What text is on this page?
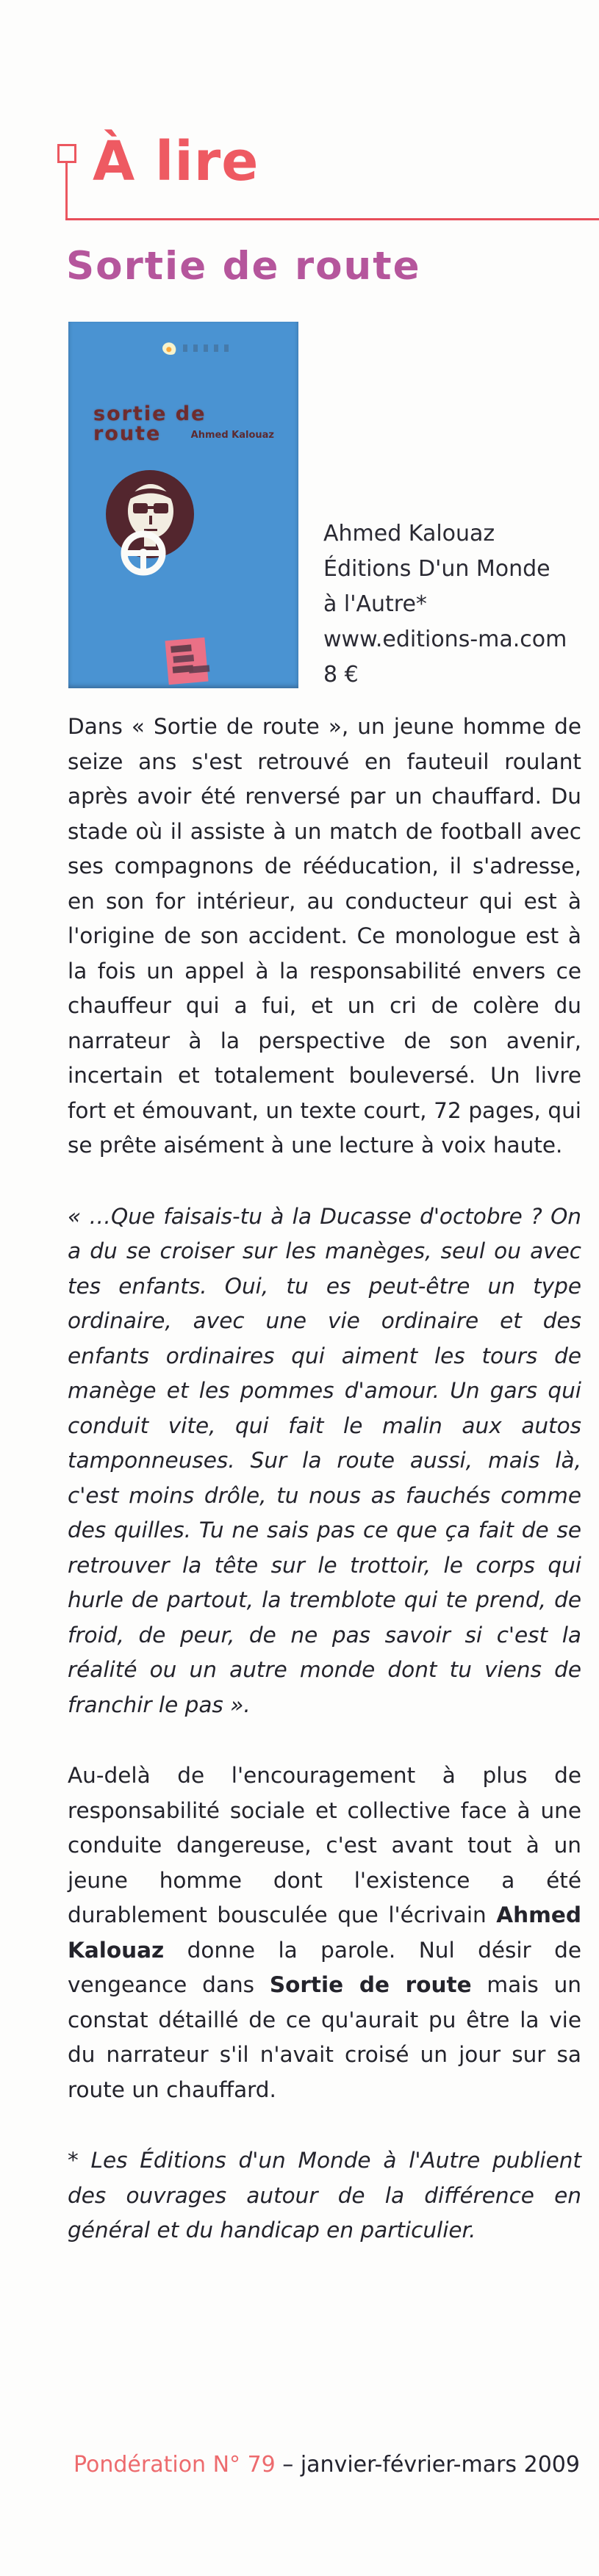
À lire
Sortie de route
sortie de route	Ahmed Kalouaz
Ahmed Kalouaz
Éditions D'un Monde
à l'Autre*
www.editions-ma.com
8 €

Dans « Sortie de route », un jeune homme de seize ans s'est retrouvé en fauteuil roulant après avoir été renversé par un chauffard. Du stade où il assiste à un match de football avec ses compagnons de rééducation, il s'adresse, en son for intérieur, au conducteur qui est à l'origine de son accident. Ce monologue est à la fois un appel à la responsabilité envers ce chauffeur qui a fui, et un cri de colère du narrateur à la perspective de son avenir, incertain et totalement bouleversé. Un livre fort et émouvant, un texte court, 72 pages, qui se prête aisément à une lecture à voix haute.

« …Que faisais-tu à la Ducasse d'octobre ? On a du se croiser sur les manèges, seul ou avec tes enfants. Oui, tu es peut-être un type ordinaire, avec une vie ordinaire et des enfants ordinaires qui aiment les tours de manège et les pommes d'amour. Un gars qui conduit vite, qui fait le malin aux autos tamponneuses. Sur la route aussi, mais là, c'est moins drôle, tu nous as fauchés comme des quilles. Tu ne sais pas ce que ça fait de se retrouver la tête sur le trottoir, le corps qui hurle de partout, la tremblote qui te prend, de froid, de peur, de ne pas savoir si c'est la réalité ou un autre monde dont tu viens de franchir le pas ».

Au-delà de l'encouragement à plus de responsabilité sociale et collective face à une conduite dangereuse, c'est avant tout à un jeune homme dont l'existence a été durablement bousculée que l'écrivain Ahmed Kalouaz donne la parole. Nul désir de vengeance dans Sortie de route mais un constat détaillé de ce qu'aurait pu être la vie du narrateur s'il n'avait croisé un jour sur sa route un chauffard.

* Les Éditions d'un Monde à l'Autre publient des ouvrages autour de la différence en général et du handicap en particulier.

Pondération N° 79 – janvier-février-mars 2009
